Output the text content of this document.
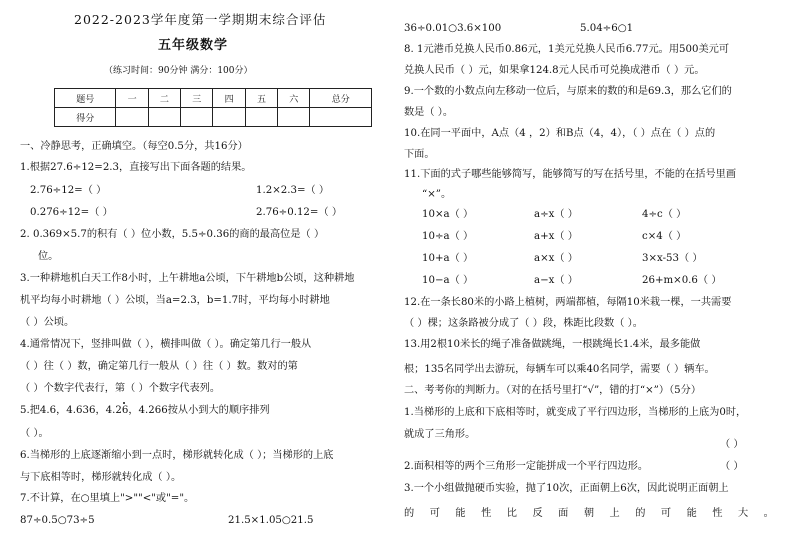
2022-2023学年度第一学期期末综合评估
五年级数学
（练习时间：90分钟 满分：100分）
题号	一	二	三	四	五	六	总分
得分							
一、冷静思考，正确填空。（每空0.5分，共16分）
1.根据27.6÷12=2.3，直接写出下面各题的结果。
2.76÷12=（ ）	1.2×2.3=（ ）
0.276÷12=（ ）	2.76÷0.12=（ ）
2. 0.369×5.7的积有（ ）位小数，5.5÷0.36的商的最高位是（ ）
位。
3.一种耕地机白天工作8小时，上午耕地a公顷，下午耕地b公顷，这种耕地
机平均每小时耕地（ ）公顷，当a=2.3，b=1.7时，平均每小时耕地
（ ）公顷。
4.通常情况下，竖排叫做（ ），横排叫做（ ）。确定第几行一般从
（ ）往（ ）数，确定第几行一般从（ ）往（ ）数。数对的第
（ ）个数字代表行，第（ ）个数字代表列。
5.把4.6，4.636，4.26，4.266按从小到大的顺序排列
（ ）。
6.当梯形的上底逐渐缩小到一点时，梯形就转化成（ ）；当梯形的上底
与下底相等时，梯形就转化成（ ）。
7.不计算，在○里填上">""<"或"="。
87÷0.5○73÷5	21.5×1.05○21.5
36÷0.01○3.6×100	5.04÷6○1
8. 1元港币兑换人民币0.86元，1美元兑换人民币6.77元。用500美元可
兑换人民币（ ）元，如果拿124.8元人民币可兑换成港币（ ）元。
9.一个数的小数点向左移动一位后，与原来的数的和是69.3，那么它们的
数是（ ）。
10.在同一平面中，A点（4 ，2）和B点（4，4），（ ）点在（ ）点的
下面。
11.下面的式子哪些能够简写，能够简写的写在括号里，不能的在括号里画
“×”。
10×a（ ）	a÷x（ ）	4÷c（ ）
10÷a（ ）	a+x（ ）	c×4（ ）
10+a（ ）	a×x（ ）	3×x-53（ ）
10−a（ ）	a−x（ ）	26+m×0.6（ ）
12.在一条长80米的小路上植树，两端都植，每隔10米栽一棵，一共需要
（ ）棵；这条路被分成了（ ）段，株距比段数（ ）。
13.用2根10米长的绳子准备做跳绳，一根跳绳长1.4米，最多能做
根；135名同学出去游玩，每辆车可以乘40名同学，需要（ ）辆车。
二、考考你的判断力。（对的在括号里打“√”，错的打“×”）（5分）
1.当梯形的上底和下底相等时，就变成了平行四边形，当梯形的上底为0时，
就成了三角形。
（ ）
2.面积相等的两个三角形一定能拼成一个平行四边形。	（ ）
3.一个小组做抛硬币实验，抛了10次，正面朝上6次，因此说明正面朝上
的 可 能 性 比 反 面 朝 上 的 可 能 性 大 。
